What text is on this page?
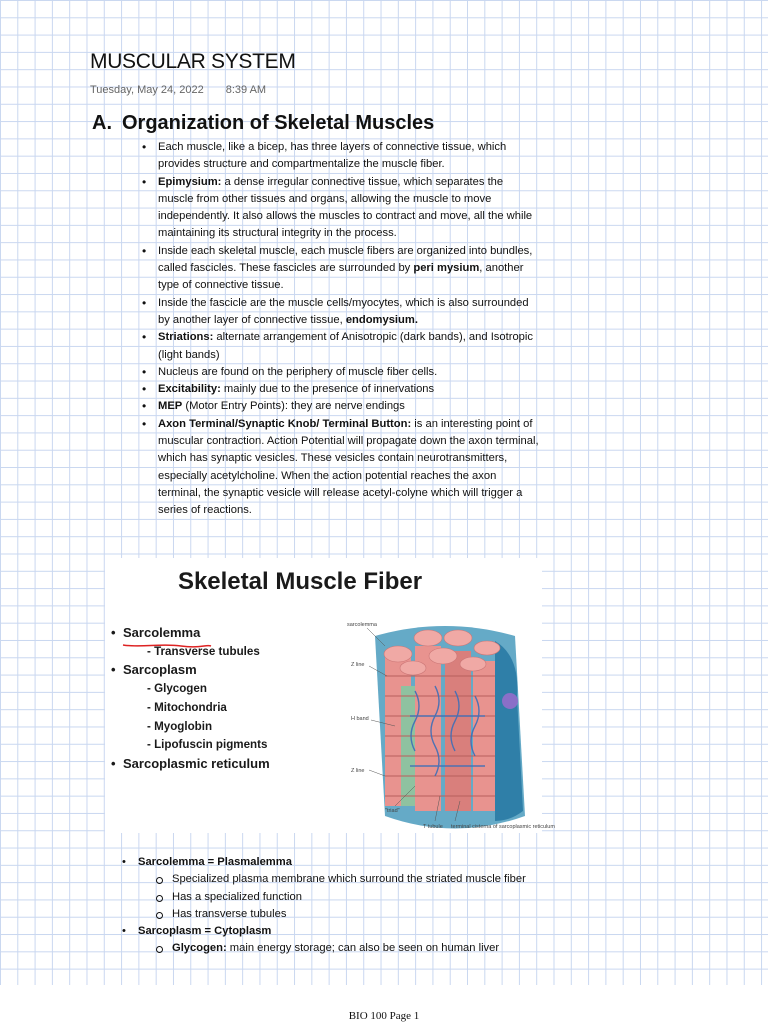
MUSCULAR SYSTEM
Tuesday, May 24, 2022 8:39 AM
A. Organization of Skeletal Muscles
• Each muscle, like a bicep, has three layers of connective tissue, which provides structure and compartmentalize the muscle fiber.
• Epimysium: a dense irregular connective tissue, which separates the muscle from other tissues and organs, allowing the muscle to move independently. It also allows the muscles to contract and move, all the while maintaining its structural integrity in the process.
• Inside each skeletal muscle, each muscle fibers are organized into bundles, called fascicles. These fascicles are surrounded by peri mysium, another type of connective tissue.
• Inside the fascicle are the muscle cells/myocytes, which is also surrounded by another layer of connective tissue, endomysium.
• Striations: alternate arrangement of Anisotropic (dark bands), and Isotropic (light bands)
• Nucleus are found on the periphery of muscle fiber cells.
• Excitability: mainly due to the presence of innervations
• MEP (Motor Entry Points): they are nerve endings
• Axon Terminal/Synaptic Knob/ Terminal Button: is an interesting point of muscular contraction. Action Potential will propagate down the axon terminal, which has synaptic vesicles. These vesicles contain neurotransmitters, especially acetylcholine. When the action potential reaches the axon terminal, the synaptic vesicle will release acetyl-colyne which will trigger a series of reactions.
Skeletal Muscle Fiber
• Sarcolemma
- Transverse tubules
• Sarcoplasm
- Glycogen
- Mitochondria
- Myoglobin
- Lipofuscin pigments
• Sarcoplasmic reticulum
sarcolemma
Z line
H band
Z line
"triad"
T tubule terminal cisterna of sarcoplasmic reticulum
• Sarcolemma = Plasmalemma
Specialized plasma membrane which surround the striated muscle fiber
Has a specialized function
Has transverse tubules
• Sarcoplasm = Cytoplasm
Glycogen: main energy storage; can also be seen on human liver
BIO 100 Page 1
